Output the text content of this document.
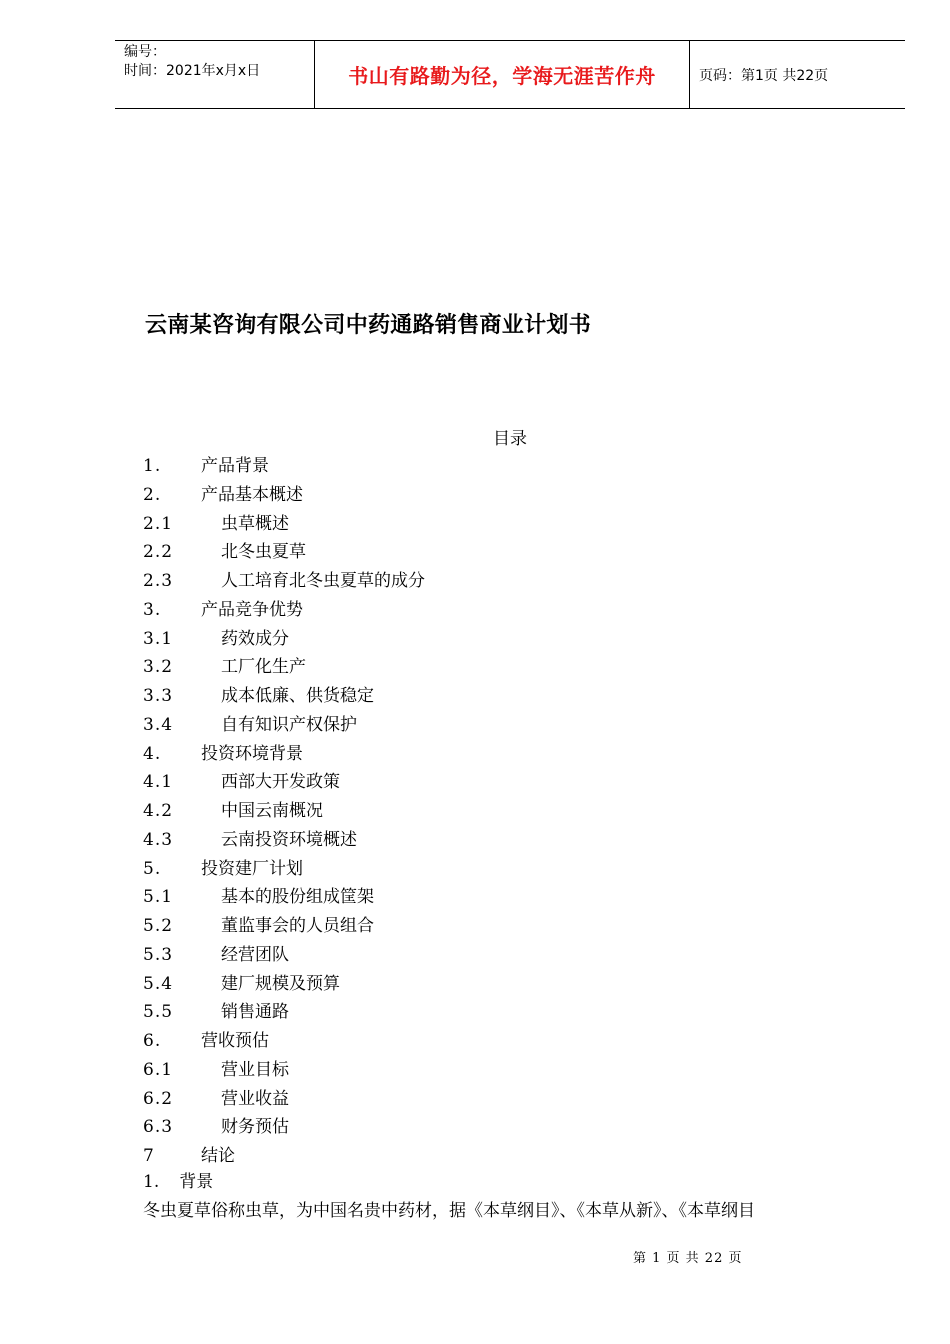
编号：
时间：2021年x月x日	书山有路勤为径，学海无涯苦作舟	页码：第1页 共22页
云南某咨询有限公司中药通路销售商业计划书
目录
1. 产品背景
2. 产品基本概述
2.1	虫草概述
2.2	北冬虫夏草
2.3	人工培育北冬虫夏草的成分
3. 产品竞争优势
3.1	药效成分
3.2	工厂化生产
3.3	成本低廉、供货稳定
3.4	自有知识产权保护
4. 投资环境背景
4.1	西部大开发政策
4.2	中国云南概况
4.3	云南投资环境概述
5. 投资建厂计划
5.1	基本的股份组成筐架
5.2	董监事会的人员组合
5.3	经营团队
5.4	建厂规模及预算
5.5	销售通路
6. 营收预估
6.1	营业目标
6.2	营业收益
6.3	财务预估
7	结论
1. 背景
冬虫夏草俗称虫草，为中国名贵中药材，据《本草纲目》、《本草从新》、《本草纲目
第 1 页 共 22 页
